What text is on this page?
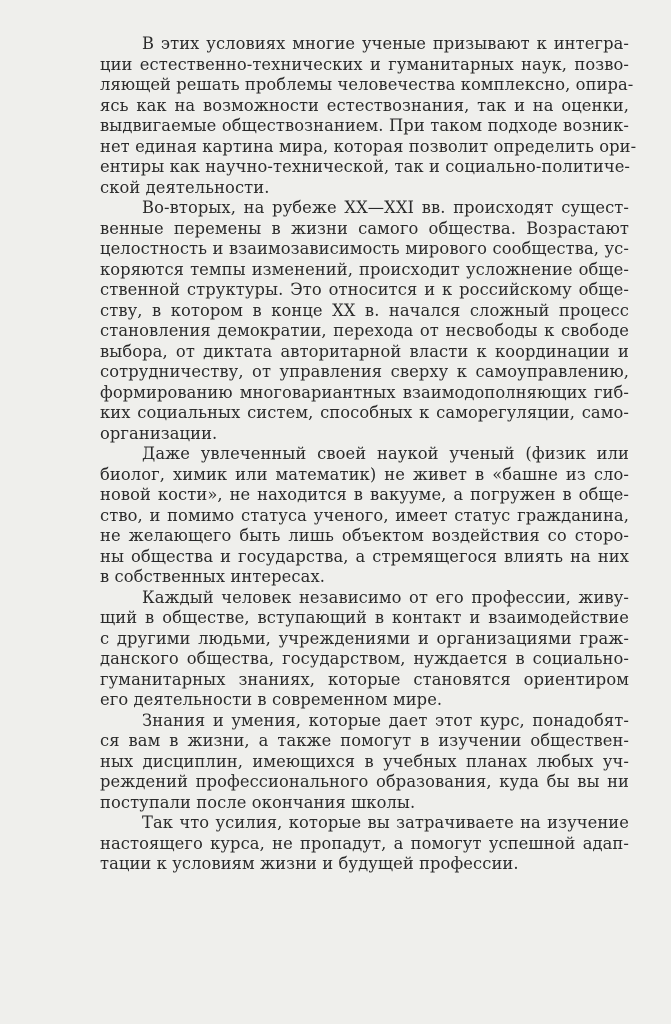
В этих условиях многие ученые призывают к интегра-
ции естественно-технических и гуманитарных наук, позво-
ляющей решать проблемы человечества комплексно, опира-
ясь как на возможности естествознания, так и на оценки,
выдвигаемые обществознанием. При таком подходе возник-
нет единая картина мира, которая позволит определить ори-
ентиры как научно-технической, так и социально-политиче-
ской деятельности.

Во-вторых, на рубеже XX—XXI вв. происходят сущест-
венные перемены в жизни самого общества. Возрастают
целостность и взаимозависимость мирового сообщества, ус-
коряются темпы изменений, происходит усложнение обще-
ственной структуры. Это относится и к российскому обще-
ству, в котором в конце XX в. начался сложный процесс
становления демократии, перехода от несвободы к свободе
выбора, от диктата авторитарной власти к координации и
сотрудничеству, от управления сверху к самоуправлению,
формированию многовариантных взаимодополняющих гиб-
ких социальных систем, способных к саморегуляции, само-
организации.

Даже увлеченный своей наукой ученый (физик или
биолог, химик или математик) не живет в «башне из сло-
новой кости», не находится в вакууме, а погружен в обще-
ство, и помимо статуса ученого, имеет статус гражданина,
не желающего быть лишь объектом воздействия со сторо-
ны общества и государства, а стремящегося влиять на них
в собственных интересах.

Каждый человек независимо от его профессии, живу-
щий в обществе, вступающий в контакт и взаимодействие
с другими людьми, учреждениями и организациями граж-
данского общества, государством, нуждается в социально-
гуманитарных знаниях, которые становятся ориентиром
его деятельности в современном мире.

Знания и умения, которые дает этот курс, понадобят-
ся вам в жизни, а также помогут в изучении обществен-
ных дисциплин, имеющихся в учебных планах любых уч-
реждений профессионального образования, куда бы вы ни
поступали после окончания школы.

Так что усилия, которые вы затрачиваете на изучение
настоящего курса, не пропадут, а помогут успешной адап-
тации к условиям жизни и будущей профессии.
